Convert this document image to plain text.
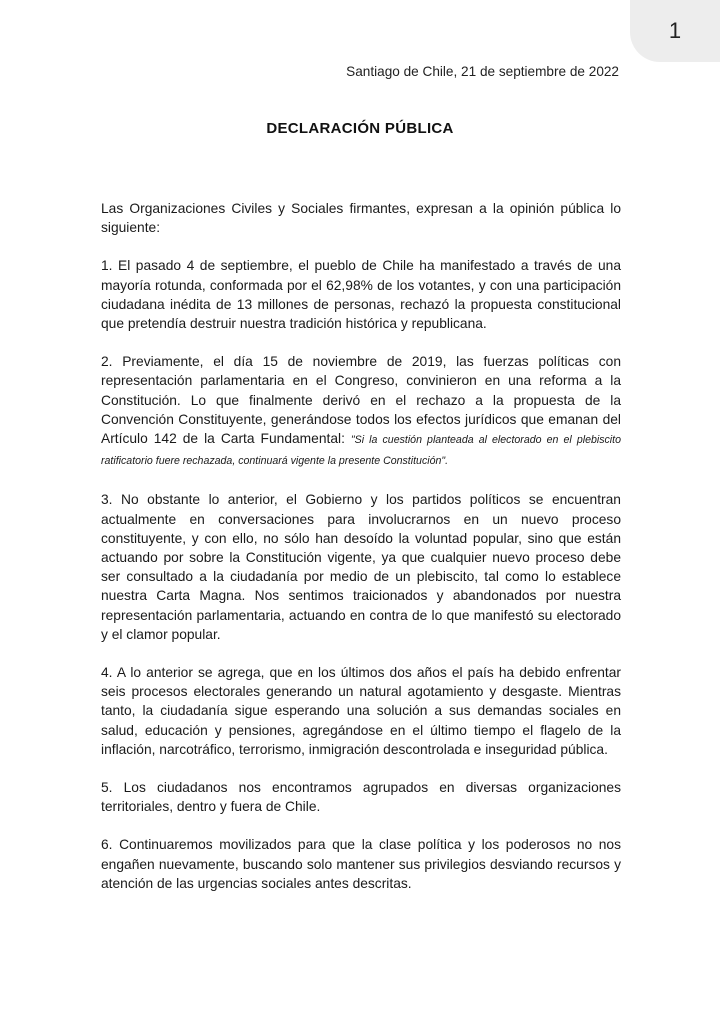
1
Santiago de Chile, 21 de septiembre de 2022
DECLARACIÓN PÚBLICA

Las Organizaciones Civiles y Sociales firmantes, expresan a la opinión pública lo siguiente:

1. El pasado 4 de septiembre, el pueblo de Chile ha manifestado a través de una mayoría rotunda, conformada por el 62,98% de los votantes, y con una participación ciudadana inédita de 13 millones de personas, rechazó la propuesta constitucional que pretendía destruir nuestra tradición histórica y republicana.

2. Previamente, el día 15 de noviembre de 2019, las fuerzas políticas con representación parlamentaria en el Congreso, convinieron en una reforma a la Constitución. Lo que finalmente derivó en el rechazo a la propuesta de la Convención Constituyente, generándose todos los efectos jurídicos que emanan del Artículo 142 de la Carta Fundamental: "Si la cuestión planteada al electorado en el plebiscito ratificatorio fuere rechazada, continuará vigente la presente Constitución".

3. No obstante lo anterior, el Gobierno y los partidos políticos se encuentran actualmente en conversaciones para involucrarnos en un nuevo proceso constituyente, y con ello, no sólo han desoído la voluntad popular, sino que están actuando por sobre la Constitución vigente, ya que cualquier nuevo proceso debe ser consultado a la ciudadanía por medio de un plebiscito, tal como lo establece nuestra Carta Magna. Nos sentimos traicionados y abandonados por nuestra representación parlamentaria, actuando en contra de lo que manifestó su electorado y el clamor popular.

4. A lo anterior se agrega, que en los últimos dos años el país ha debido enfrentar seis procesos electorales generando un natural agotamiento y desgaste. Mientras tanto, la ciudadanía sigue esperando una solución a sus demandas sociales en salud, educación y pensiones, agregándose en el último tiempo el flagelo de la inflación, narcotráfico, terrorismo, inmigración descontrolada e inseguridad pública.

5. Los ciudadanos nos encontramos agrupados en diversas organizaciones territoriales, dentro y fuera de Chile.

6. Continuaremos movilizados para que la clase política y los poderosos no nos engañen nuevamente, buscando solo mantener sus privilegios desviando recursos y atención de las urgencias sociales antes descritas.
